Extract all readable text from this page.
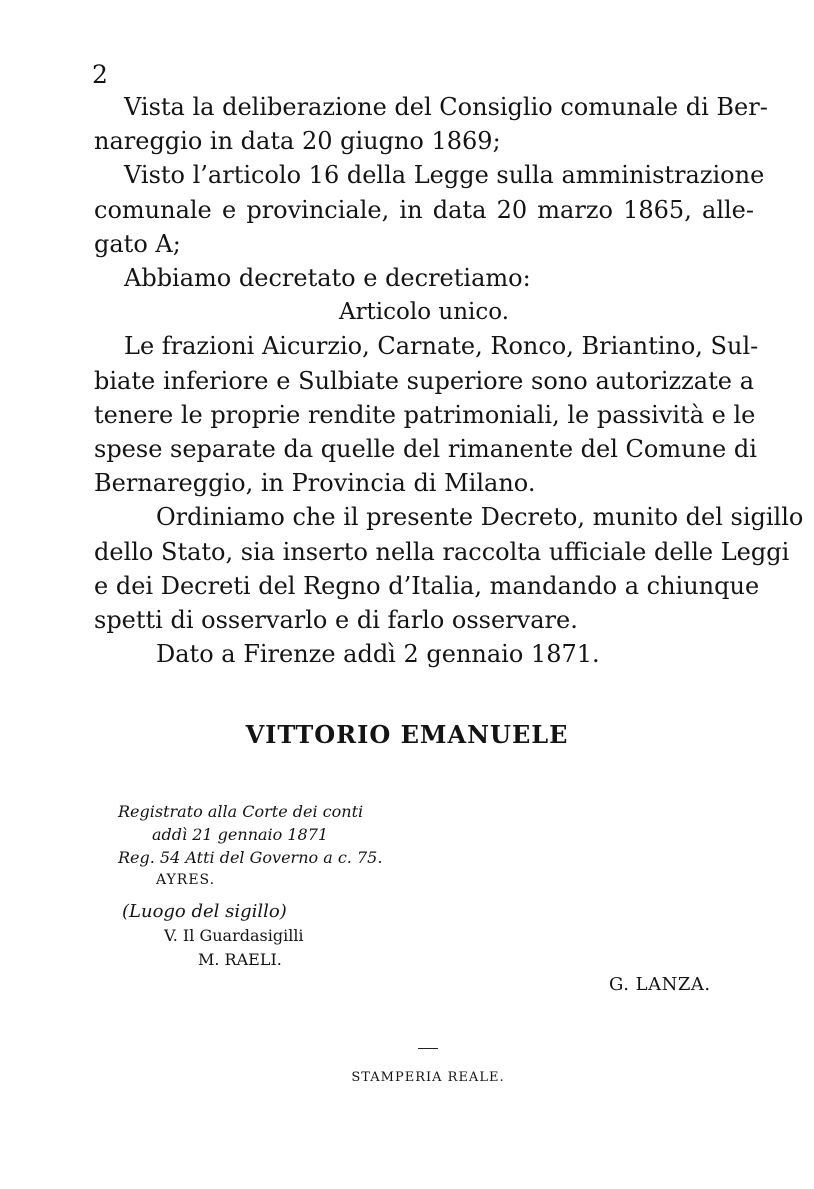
2
Vista la deliberazione del Consiglio comunale di Ber-
nareggio in data 20 giugno 1869;
Visto l’articolo 16 della Legge sulla amministrazione
comunale e provinciale, in data 20 marzo 1865, alle-
gato A;
Abbiamo decretato e decretiamo:
Articolo unico.
Le frazioni Aicurzio, Carnate, Ronco, Briantino, Sul-
biate inferiore e Sulbiate superiore sono autorizzate a
tenere le proprie rendite patrimoniali, le passività e le
spese separate da quelle del rimanente del Comune di
Bernareggio, in Provincia di Milano.
Ordiniamo che il presente Decreto, munito del sigillo
dello Stato, sia inserto nella raccolta ufficiale delle Leggi
e dei Decreti del Regno d’Italia, mandando a chiunque
spetti di osservarlo e di farlo osservare.
Dato a Firenze addì 2 gennaio 1871.
VITTORIO EMANUELE
Registrato alla Corte dei conti
addì 21 gennaio 1871
Reg. 54 Atti del Governo a c. 75.
AYRES.
(Luogo del sigillo)
V. Il Guardasigilli
M. RAELI.
G. LANZA.
STAMPERIA REALE.
